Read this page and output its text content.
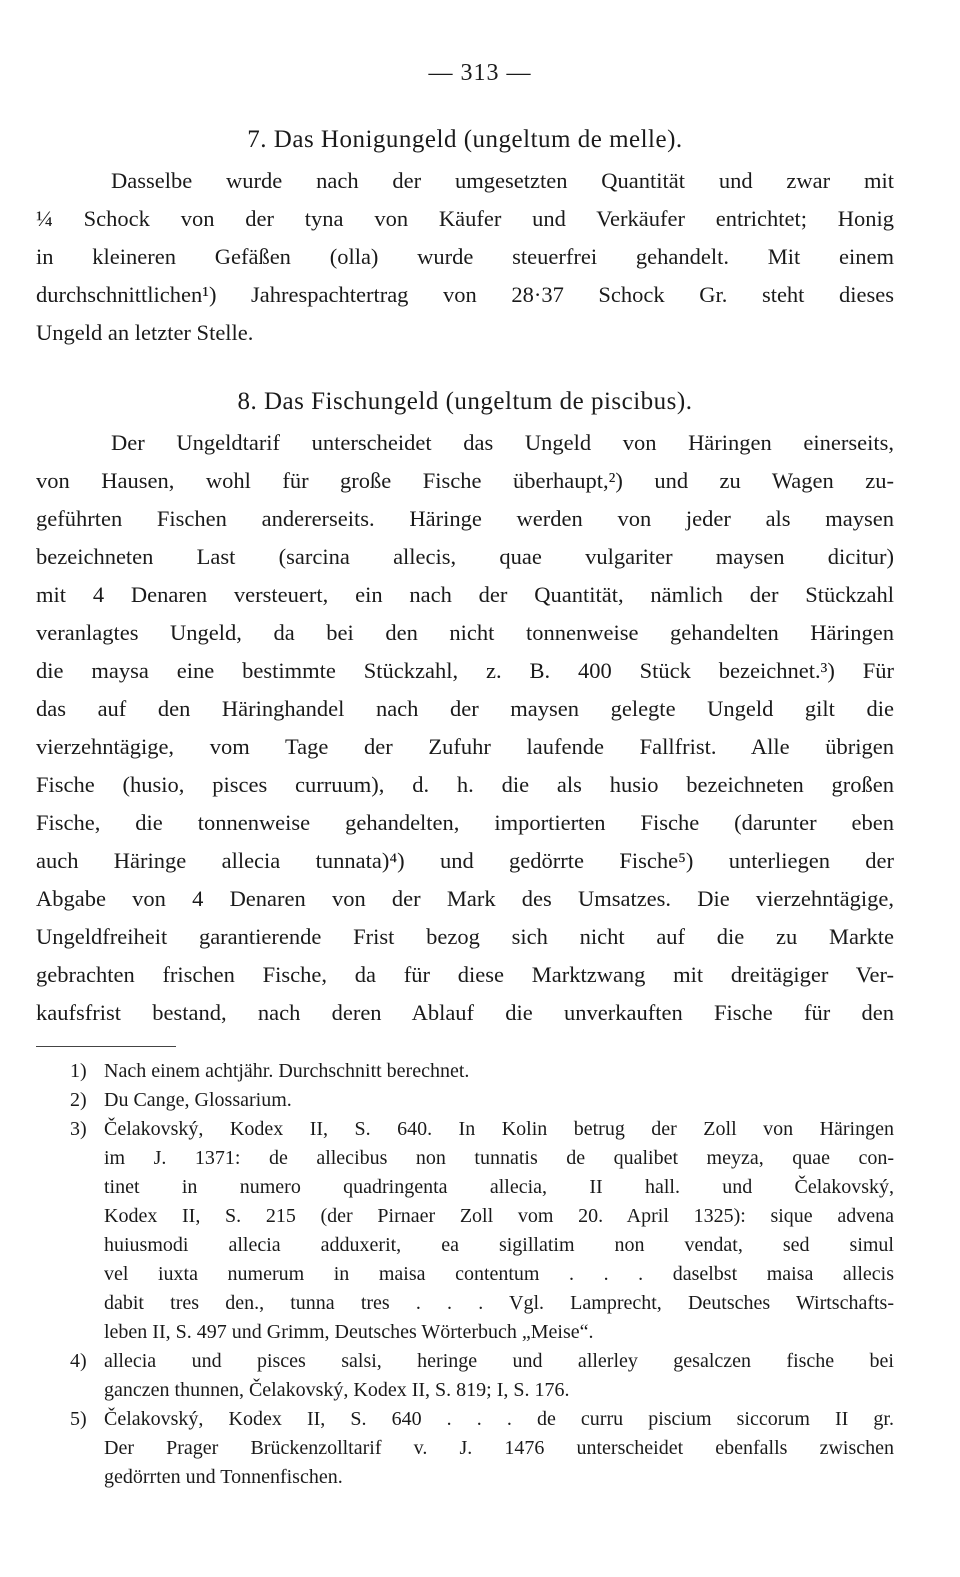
— 313 —
7. Das Honigungeld (ungeltum de melle).
Dasselbe wurde nach der umgesetzten Quantität und zwar mit
¼ Schock von der tyna von Käufer und Verkäufer entrichtet; Honig
in kleineren Gefäßen (olla) wurde steuerfrei gehandelt. Mit einem
durchschnittlichen¹) Jahrespachtertrag von 28·37 Schock Gr. steht dieses
Ungeld an letzter Stelle.
8. Das Fischungeld (ungeltum de piscibus).
Der Ungeldtarif unterscheidet das Ungeld von Häringen einerseits,
von Hausen, wohl für große Fische überhaupt,²) und zu Wagen zu-
geführten Fischen andererseits. Häringe werden von jeder als maysen
bezeichneten Last (sarcina allecis, quae vulgariter maysen dicitur)
mit 4 Denaren versteuert, ein nach der Quantität, nämlich der Stückzahl
veranlagtes Ungeld, da bei den nicht tonnenweise gehandelten Häringen
die maysa eine bestimmte Stückzahl, z. B. 400 Stück bezeichnet.³) Für
das auf den Häringhandel nach der maysen gelegte Ungeld gilt die
vierzehntägige, vom Tage der Zufuhr laufende Fallfrist. Alle übrigen
Fische (husio, pisces curruum), d. h. die als husio bezeichneten großen
Fische, die tonnenweise gehandelten, importierten Fische (darunter eben
auch Häringe allecia tunnata)⁴) und gedörrte Fische⁵) unterliegen der
Abgabe von 4 Denaren von der Mark des Umsatzes. Die vierzehntägige,
Ungeldfreiheit garantierende Frist bezog sich nicht auf die zu Markte
gebrachten frischen Fische, da für diese Marktzwang mit dreitägiger Ver-
kaufsfrist bestand, nach deren Ablauf die unverkauften Fische für den
1) Nach einem achtjähr. Durchschnitt berechnet.
2) Du Cange, Glossarium.
3) Čelakovský, Kodex II, S. 640. In Kolin betrug der Zoll von Häringen
im J. 1371: de allecibus non tunnatis de qualibet meyza, quae con-
tinet in numero quadringenta allecia, II hall. und Čelakovský,
Kodex II, S. 215 (der Pirnaer Zoll vom 20. April 1325): sique advena
huiusmodi allecia adduxerit, ea sigillatim non vendat, sed simul
vel iuxta numerum in maisa contentum . . . daselbst maisa allecis
dabit tres den., tunna tres . . . Vgl. Lamprecht, Deutsches Wirtschafts-
leben II, S. 497 und Grimm, Deutsches Wörterbuch „Meise“.
4) allecia und pisces salsi, heringe und allerley gesalczen fische bei
ganczen thunnen, Čelakovský, Kodex II, S. 819; I, S. 176.
5) Čelakovský, Kodex II, S. 640 . . . de curru piscium siccorum II gr.
Der Prager Brückenzolltarif v. J. 1476 unterscheidet ebenfalls zwischen
gedörrten und Tonnenfischen.
